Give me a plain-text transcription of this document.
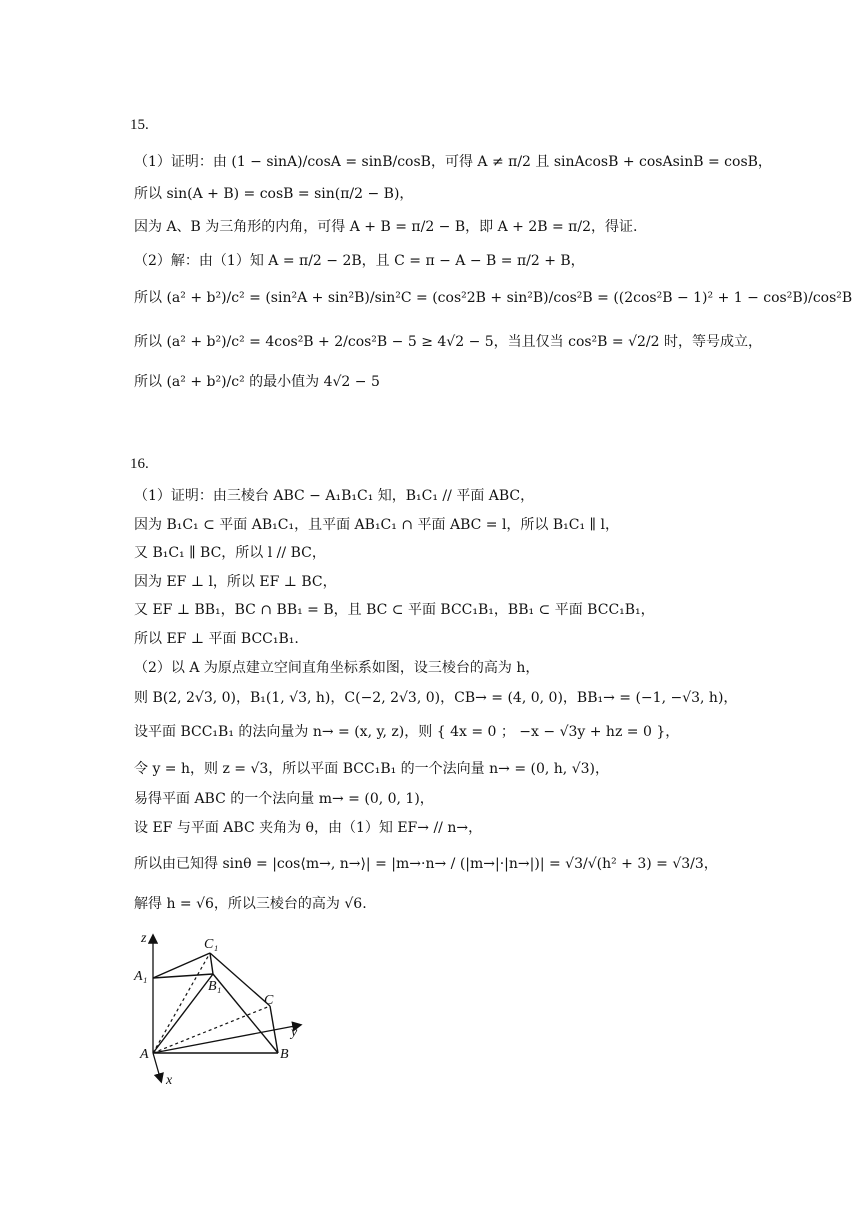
15.
（1）证明：由 (1 − sinA)/cosA = sinB/cosB，可得 A ≠ π/2 且 sinAcosB + cosAsinB = cosB，
所以 sin(A + B) = cosB = sin(π/2 − B)，
因为 A、B 为三角形的内角，可得 A + B = π/2 − B，即 A + 2B = π/2，得证.
（2）解：由（1）知 A = π/2 − 2B，且 C = π − A − B = π/2 + B，
所以 (a² + b²)/c² = (sin²A + sin²B)/sin²C = (cos²2B + sin²B)/cos²B = ((2cos²B − 1)² + 1 − cos²B)/cos²B
所以 (a² + b²)/c² = 4cos²B + 2/cos²B − 5 ≥ 4√2 − 5，当且仅当 cos²B = √2/2 时，等号成立，
所以 (a² + b²)/c² 的最小值为 4√2 − 5
16.
（1）证明：由三棱台 ABC − A₁B₁C₁ 知，B₁C₁ // 平面 ABC，
因为 B₁C₁ ⊂ 平面 AB₁C₁，且平面 AB₁C₁ ∩ 平面 ABC = l，所以 B₁C₁ ∥ l，
又 B₁C₁ ∥ BC，所以 l // BC，
因为 EF ⊥ l，所以 EF ⊥ BC，
又 EF ⊥ BB₁，BC ∩ BB₁ = B，且 BC ⊂ 平面 BCC₁B₁，BB₁ ⊂ 平面 BCC₁B₁，
所以 EF ⊥ 平面 BCC₁B₁.
（2）以 A 为原点建立空间直角坐标系如图，设三棱台的高为 h，
则 B(2, 2√3, 0)，B₁(1, √3, h)，C(−2, 2√3, 0)，CB→ = (4, 0, 0)，BB₁→ = (−1, −√3, h)，
设平面 BCC₁B₁ 的法向量为 n→ = (x, y, z)，则 { 4x = 0 ； −x − √3y + hz = 0 }，
令 y = h，则 z = √3，所以平面 BCC₁B₁ 的一个法向量 n→ = (0, h, √3)，
易得平面 ABC 的一个法向量 m→ = (0, 0, 1)，
设 EF 与平面 ABC 夹角为 θ，由（1）知 EF→ // n→，
所以由已知得 sinθ = |cos⟨m→, n→⟩| = |m→·n→ / (|m→|·|n→|)| = √3/√(h² + 3) = √3/3，
解得 h = √6，所以三棱台的高为 √6.
z	C₁
A₁
B₁
C
y
A	B
x
